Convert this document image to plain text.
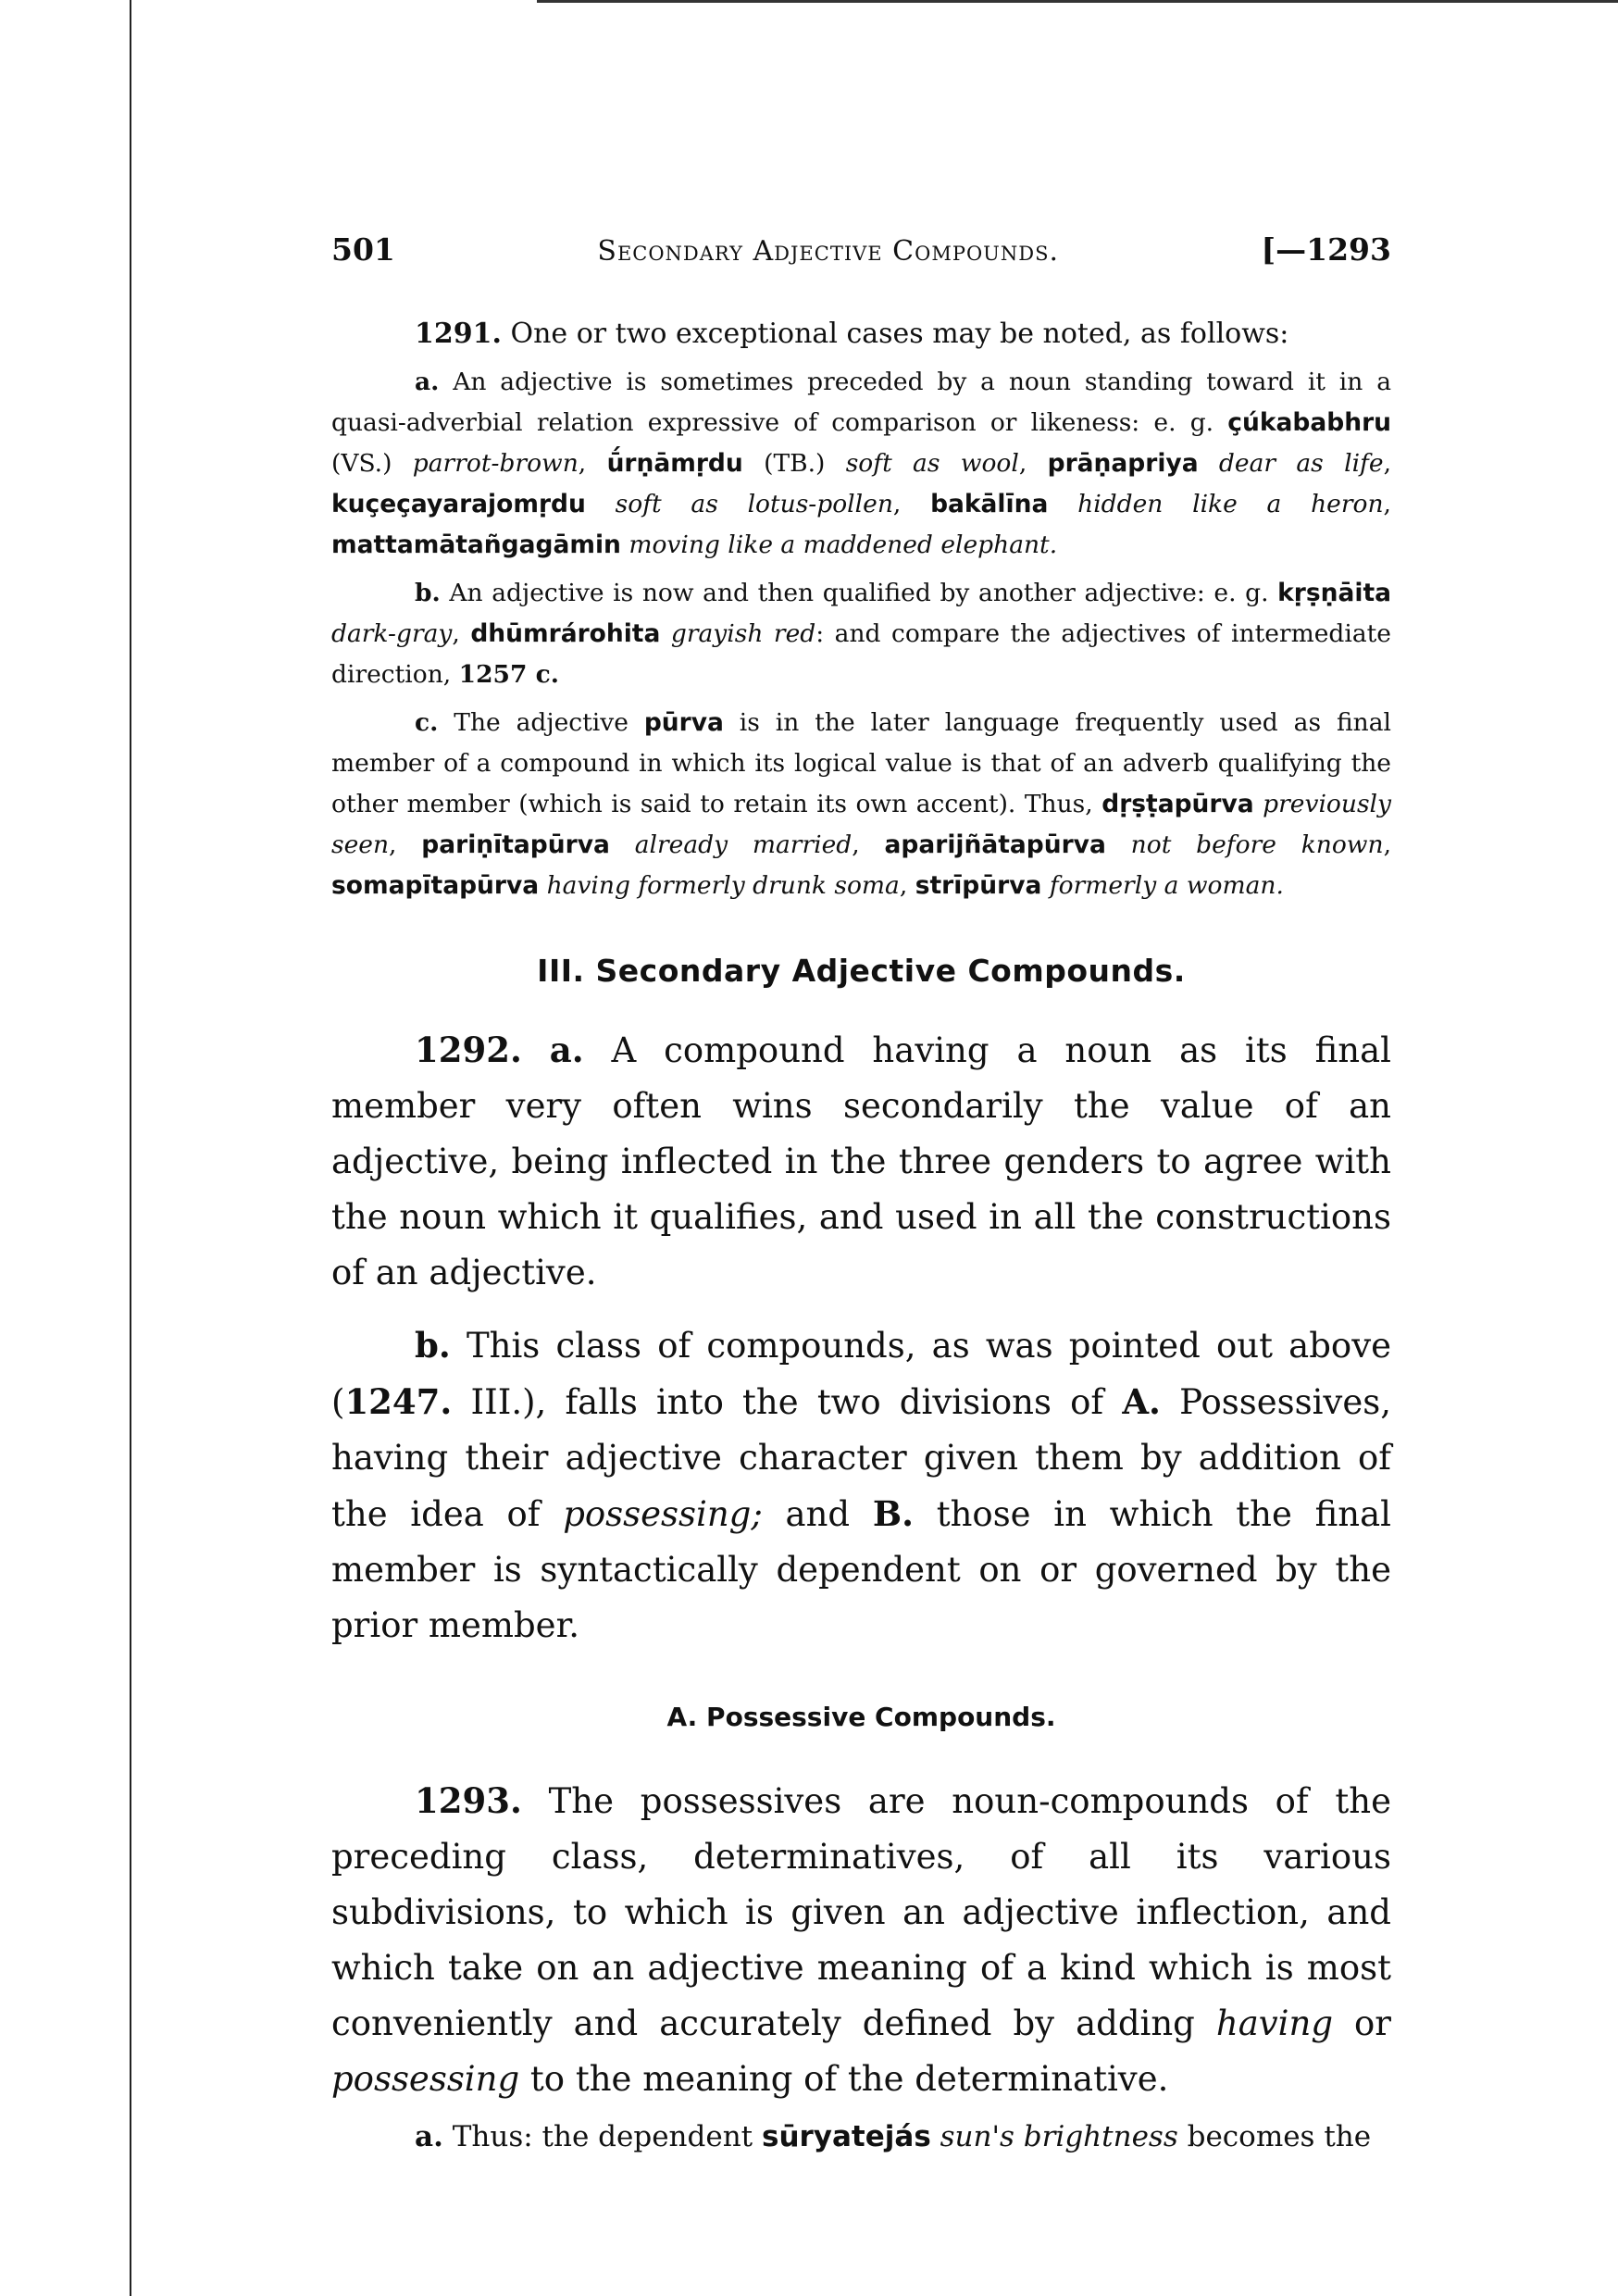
501	Secondary Adjective Compounds.	[—1293

1291. One or two exceptional cases may be noted, as follows:

a. An adjective is sometimes preceded by a noun standing toward it in a quasi-adverbial relation expressive of comparison or likeness: e. g. çúkababhru (VS.) parrot-brown, ū́rṇāmṛdu (TB.) soft as wool, prāṇapriya dear as life, kuçeçayarajomṛdu soft as lotus-pollen, bakālīna hidden like a heron, mattamātañgagāmin moving like a maddened elephant.

b. An adjective is now and then qualified by another adjective: e. g. kṛṣṇāita dark-gray, dhūmrárohita grayish red: and compare the adjectives of intermediate direction, 1257 c.

c. The adjective pūrva is in the later language frequently used as final member of a compound in which its logical value is that of an adverb qualifying the other member (which is said to retain its own accent). Thus, dṛṣṭapūrva previously seen, pariṇītapūrva already married, aparijñātapūrva not before known, somapītapūrva having formerly drunk soma, strīpūrva formerly a woman.

III. Secondary Adjective Compounds.

1292. a. A compound having a noun as its final member very often wins secondarily the value of an adjective, being inflected in the three genders to agree with the noun which it qualifies, and used in all the constructions of an adjective.

b. This class of compounds, as was pointed out above (1247. III.), falls into the two divisions of A. Possessives, having their adjective character given them by addition of the idea of possessing; and B. those in which the final member is syntactically dependent on or governed by the prior member.

A. Possessive Compounds.

1293. The possessives are noun-compounds of the preceding class, determinatives, of all its various subdivisions, to which is given an adjective inflection, and which take on an adjective meaning of a kind which is most conveniently and accurately defined by adding having or possessing to the meaning of the determinative.

a. Thus: the dependent sūryatejás sun's brightness becomes the
